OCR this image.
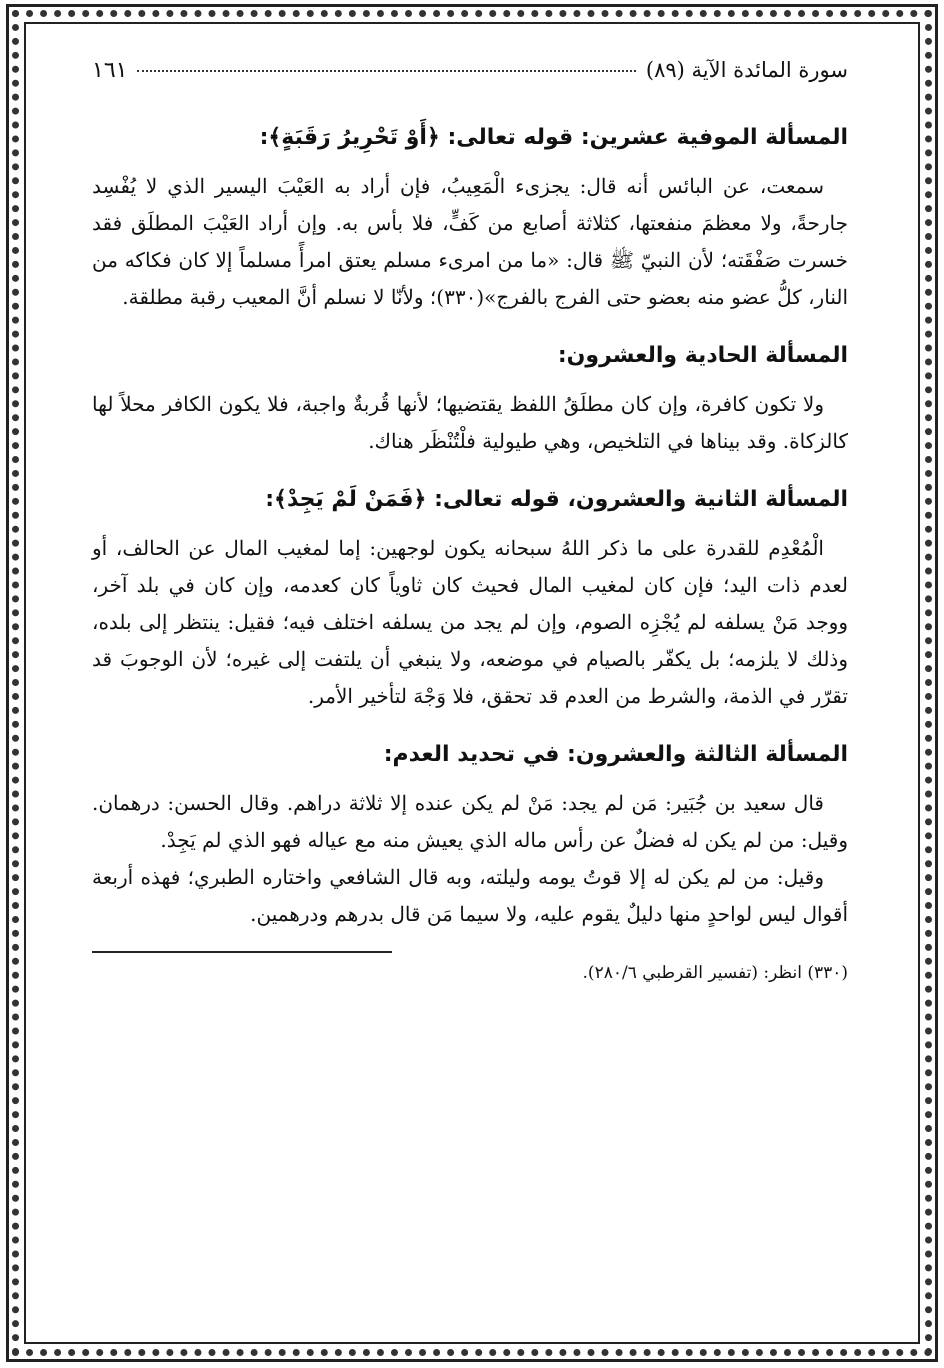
سورة المائدة الآية (٨٩)
١٦١
المسألة الموفية عشرين: قوله تعالى: ﴿أَوْ تَحْرِيرُ رَقَبَةٍ﴾:

سمعت، عن البائس أنه قال: يجزىء الْمَعِيبُ، فإن أراد به العَيْبَ اليسير الذي لا يُفْسِد جارحةً، ولا معظمَ منفعتها، كثلاثة أصابع من كَفٍّ، فلا بأس به. وإن أراد العَيْبَ المطلَق فقد خسرت صَفْقَته؛ لأن النبيّ ﷺ قال: «ما من امرىء مسلم يعتق امرأً مسلماً إلا كان فكاكه من النار، كلُّ عضو منه بعضو حتى الفرج بالفرج»(٣٣٠)؛ ولأنّا لا نسلم أنَّ المعيب رقبة مطلقة.

المسألة الحادية والعشرون:

ولا تكون كافرة، وإن كان مطلَقُ اللفظ يقتضيها؛ لأنها قُربةٌ واجبة، فلا يكون الكافر محلاً لها كالزكاة. وقد بيناها في التلخيص، وهي طيولية فلْتُنْظَر هناك.

المسألة الثانية والعشرون، قوله تعالى: ﴿فَمَنْ لَمْ يَجِدْ﴾:

الْمُعْدِم للقدرة على ما ذكر اللهُ سبحانه يكون لوجهين: إما لمغيب المال عن الحالف، أو لعدم ذات اليد؛ فإن كان لمغيب المال فحيث كان ثاوياً كان كعدمه، وإن كان في بلد آخر، ووجد مَنْ يسلفه لم يُجْزِه الصوم، وإن لم يجد من يسلفه اختلف فيه؛ فقيل: ينتظر إلى بلده، وذلك لا يلزمه؛ بل يكفّر بالصيام في موضعه، ولا ينبغي أن يلتفت إلى غيره؛ لأن الوجوبَ قد تقرّر في الذمة، والشرط من العدم قد تحقق، فلا وَجْهَ لتأخير الأمر.

المسألة الثالثة والعشرون: في تحديد العدم:

قال سعيد بن جُبَير: مَن لم يجد: مَنْ لم يكن عنده إلا ثلاثة دراهم. وقال الحسن: درهمان. وقيل: من لم يكن له فضلٌ عن رأس ماله الذي يعيش منه مع عياله فهو الذي لم يَجِدْ.

وقيل: من لم يكن له إلا قوتُ يومه وليلته، وبه قال الشافعي واختاره الطبري؛ فهذه أربعة أقوال ليس لواحدٍ منها دليلٌ يقوم عليه، ولا سيما مَن قال بدرهم ودرهمين.

(٣٣٠) انظر: (تفسير القرطبي ٢٨٠/٦).
